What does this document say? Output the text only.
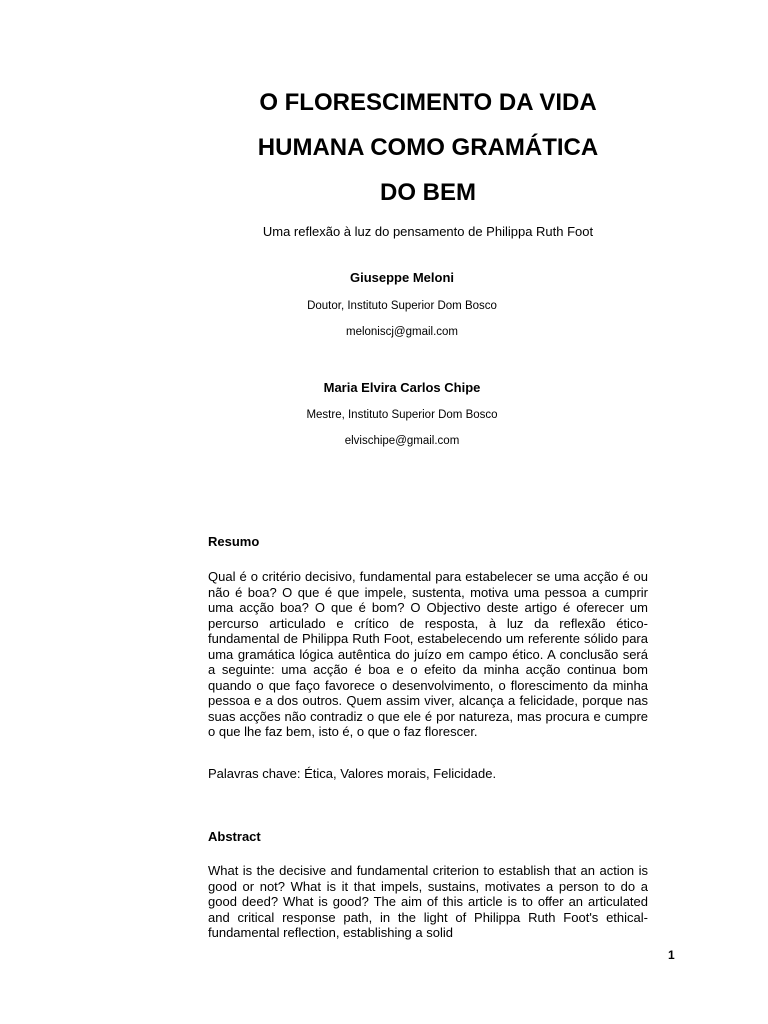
O FLORESCIMENTO DA VIDA
HUMANA COMO GRAMÁTICA
DO BEM
Uma reflexão à luz do pensamento de Philippa Ruth Foot
Giuseppe Meloni
Doutor, Instituto Superior Dom Bosco
meloniscj@gmail.com
Maria Elvira Carlos Chipe
Mestre, Instituto Superior Dom Bosco
elvischipe@gmail.com
Resumo

Qual é o critério decisivo, fundamental para estabelecer se uma acção é ou não é boa? O que é que impele, sustenta, motiva uma pessoa a cumprir uma acção boa? O que é bom? O Objectivo deste artigo é oferecer um percurso articulado e crítico de resposta, à luz da reflexão ético-fundamental de Philippa Ruth Foot, estabelecendo um referente sólido para uma gramática lógica autêntica do juízo em campo ético. A conclusão será a seguinte: uma acção é boa e o efeito da minha acção continua bom quando o que faço favorece o desenvolvimento, o florescimento da minha pessoa e a dos outros. Quem assim viver, alcança a felicidade, porque nas suas acções não contradiz o que ele é por natureza, mas procura e cumpre o que lhe faz bem, isto é, o que o faz florescer.

Palavras chave: Ética, Valores morais, Felicidade.

Abstract

What is the decisive and fundamental criterion to establish that an action is good or not? What is it that impels, sustains, motivates a person to do a good deed? What is good? The aim of this article is to offer an articulated and critical response path, in the light of Philippa Ruth Foot's ethical-fundamental reflection, establishing a solid

1
